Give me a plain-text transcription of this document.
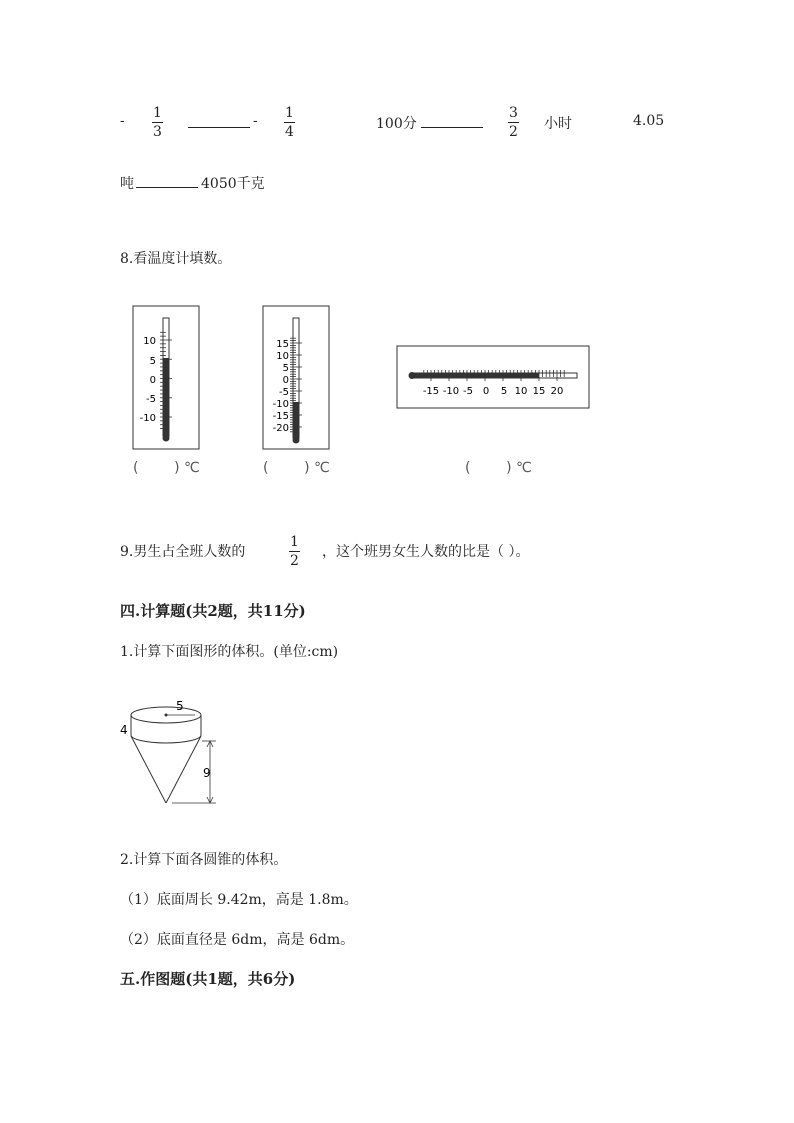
- 1
3
- 1
4	100分
3
2 小时	4.05
吨	4050千克
8.看温度计填数。
10
5
0
-5
-10
(        ) ℃
15
10
5
0
-5
-10
-15
-20
(        ) ℃
-15 -10 -5 0 5 10 15 20
(        ) ℃
9.男生占全班人数的
1
2
，这个班男女生人数的比是（ ）。
四.计算题(共2题，共11分)
1.计算下面图形的体积。(单位:cm)
5
4
9
2.计算下面各圆锥的体积。
（1）底面周长 9.42m，高是 1.8m。
（2）底面直径是 6dm，高是 6dm。
五.作图题(共1题，共6分)
